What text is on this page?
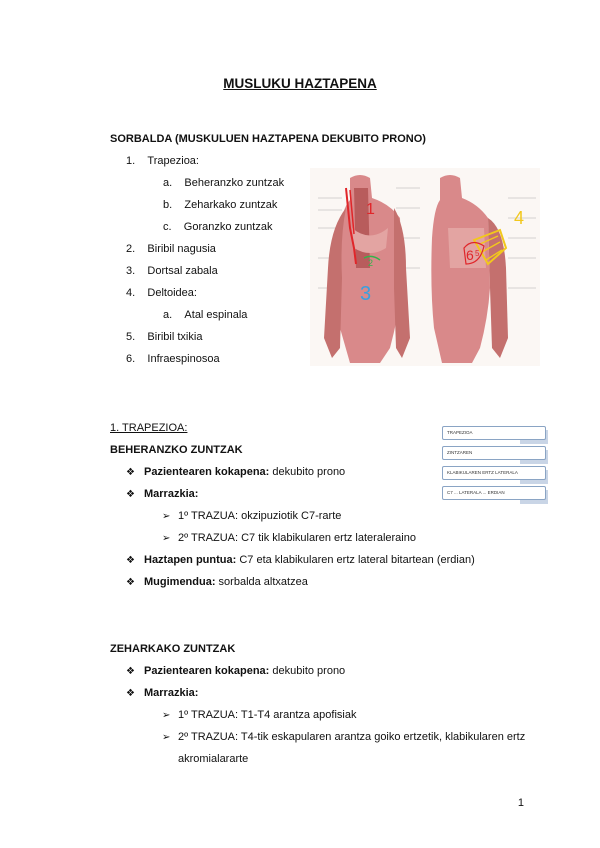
MUSLUKU HAZTAPENA
SORBALDA (MUSKULUEN HAZTAPENA DEKUBITO PRONO)
1. Trapezioa:
a. Beheranzko zuntzak
b. Zeharkako zuntzak
c. Goranzko zuntzak
2. Biribil nagusia
3. Dortsal zabala
4. Deltoidea:
a. Atal espinala
5. Biribil txikia
6. Infraespinosoa
1
2
3
4
6 5
1. TRAPEZIOA:
BEHERANZKO ZUNTZAK
❖ Pazientearen kokapena: dekubito prono
❖ Marrazkia:
➢ 1º TRAZUA: okzipuziotik C7-rarte
➢ 2º TRAZUA: C7 tik klabikularen ertz lateraleraino
❖ Haztapen puntua: C7 eta klabikularen ertz lateral bitartean (erdian)
❖ Mugimendua: sorbalda altxatzea
TRAPEZIOA
ZINTZAREN
KLABIKULAREN ERTZ LATERALA
C7 ... LATERALA ... ERDIAN
ZEHARKAKO ZUNTZAK
❖ Pazientearen kokapena: dekubito prono
❖ Marrazkia:
➢ 1º TRAZUA: T1-T4 arantza apofisiak
➢ 2º TRAZUA: T4-tik eskapularen arantza goiko ertzetik, klabikularen ertz
akromialararte
1
